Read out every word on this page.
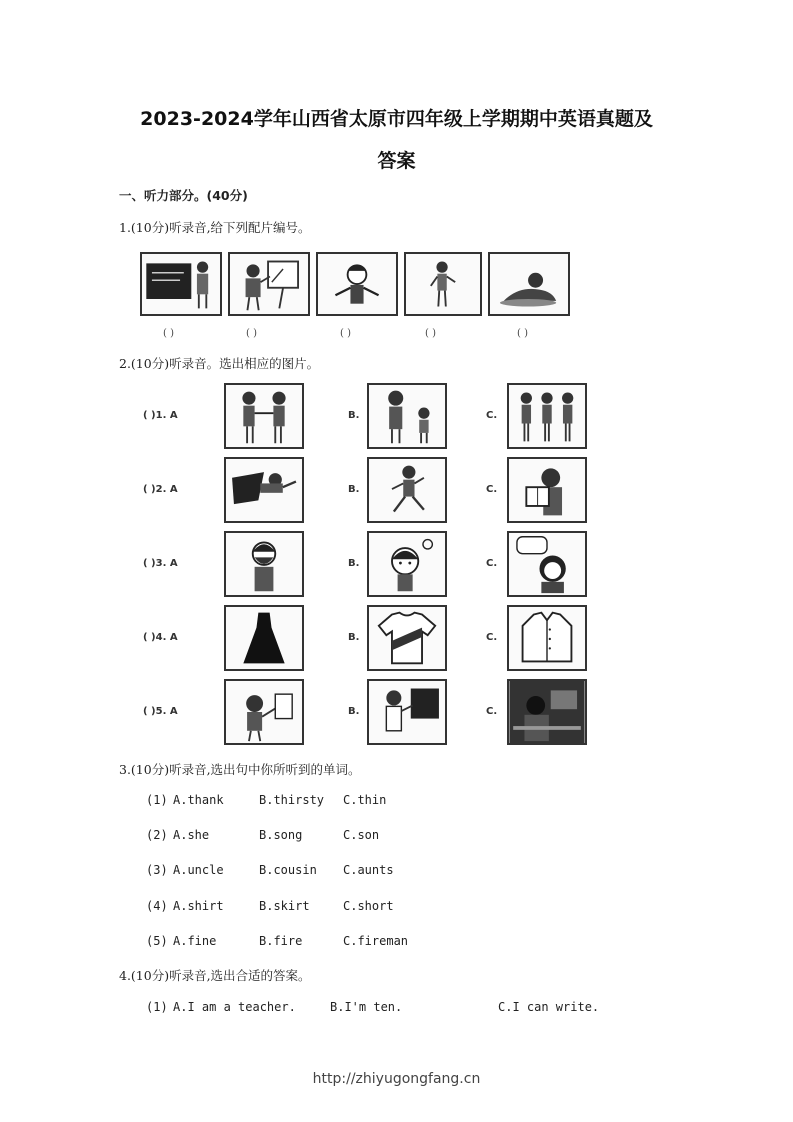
2023-2024学年山西省太原市四年级上学期期中英语真题及
答案
一、听力部分。(40分)
1.(10分)听录音,给下列配片编号。
( )	( )	( )	( )	( )
2.(10分)听录音。选出相应的图片。
( )1. A	B.	C.
( )2. A	B.	C.
( )3. A	B.	C.
( )4. A	B.	C.
( )5. A	B.	C.
3.(10分)听录音,选出句中你所听到的单词。
(1) A.thank	B.thirsty C.thin
(2) A.she	B.song	C.son
(3) A.uncle	B.cousin C.aunts
(4) A.shirt	B.skirt	C.short
(5) A.fine	B.fire	C.fireman
4.(10分)听录音,选出合适的答案。
(1) A.I am a teacher.	B.I'm ten.	C.I can write.
http://zhiyugongfang.cn
